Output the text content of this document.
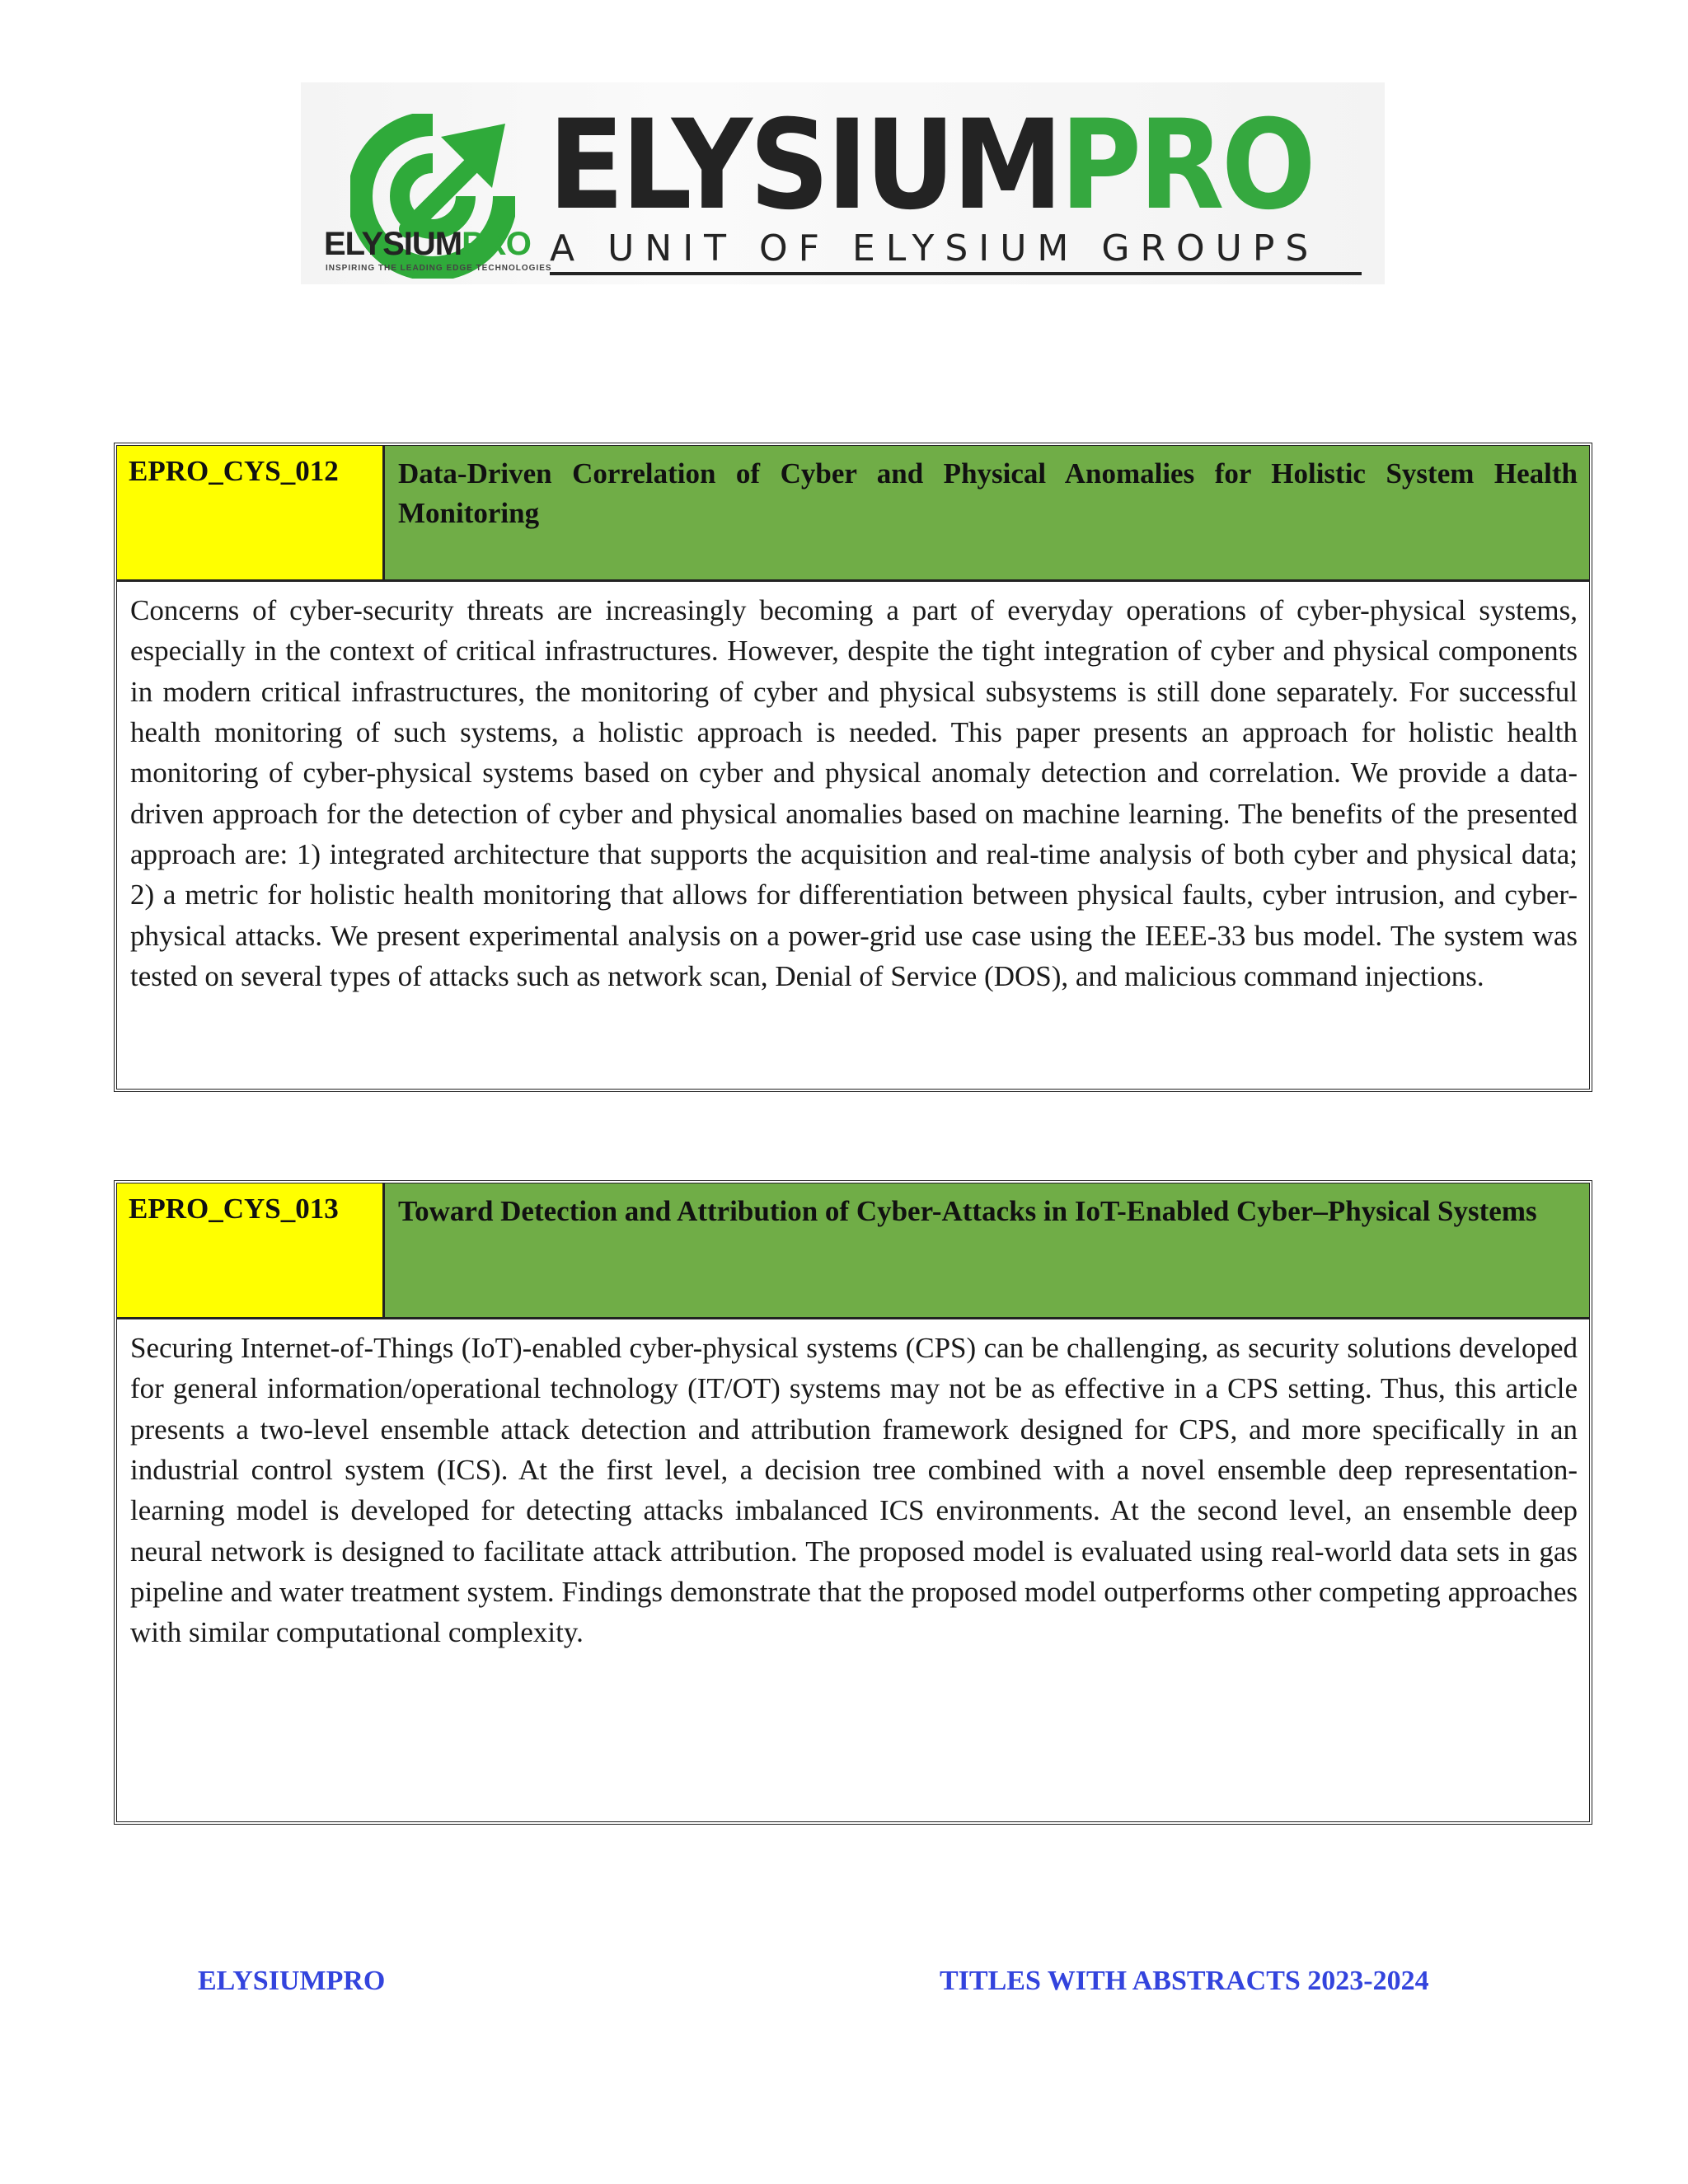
ELYSIUMPRO
INSPIRING THE LEADING EDGE TECHNOLOGIES
ELYSIUMPRO
A UNIT OF ELYSIUM GROUPS
EPRO_CYS_012	Data-Driven Correlation of Cyber and Physical Anomalies for Holistic System Health Monitoring
Concerns of cyber-security threats are increasingly becoming a part of everyday operations of cyber-physical systems, especially in the context of critical infrastructures. However, despite the tight integration of cyber and physical components in modern critical infrastructures, the monitoring of cyber and physical subsystems is still done separately. For successful health monitoring of such systems, a holistic approach is needed. This paper presents an approach for holistic health monitoring of cyber-physical systems based on cyber and physical anomaly detection and correlation. We provide a data-driven approach for the detection of cyber and physical anomalies based on machine learning. The benefits of the presented approach are: 1) integrated architecture that supports the acquisition and real-time analysis of both cyber and physical data; 2) a metric for holistic health monitoring that allows for differentiation between physical faults, cyber intrusion, and cyber-physical attacks. We present experimental analysis on a power-grid use case using the IEEE-33 bus model. The system was tested on several types of attacks such as network scan, Denial of Service (DOS), and malicious command injections.
EPRO_CYS_013	Toward Detection and Attribution of Cyber-Attacks in IoT-Enabled Cyber–Physical Systems
Securing Internet-of-Things (IoT)-enabled cyber-physical systems (CPS) can be challenging, as security solutions developed for general information/operational technology (IT/OT) systems may not be as effective in a CPS setting. Thus, this article presents a two-level ensemble attack detection and attribution framework designed for CPS, and more specifically in an industrial control system (ICS). At the first level, a decision tree combined with a novel ensemble deep representation-learning model is developed for detecting attacks imbalanced ICS environments. At the second level, an ensemble deep neural network is designed to facilitate attack attribution. The proposed model is evaluated using real-world data sets in gas pipeline and water treatment system. Findings demonstrate that the proposed model outperforms other competing approaches with similar computational complexity.
ELYSIUMPRO	TITLES WITH ABSTRACTS 2023-2024
